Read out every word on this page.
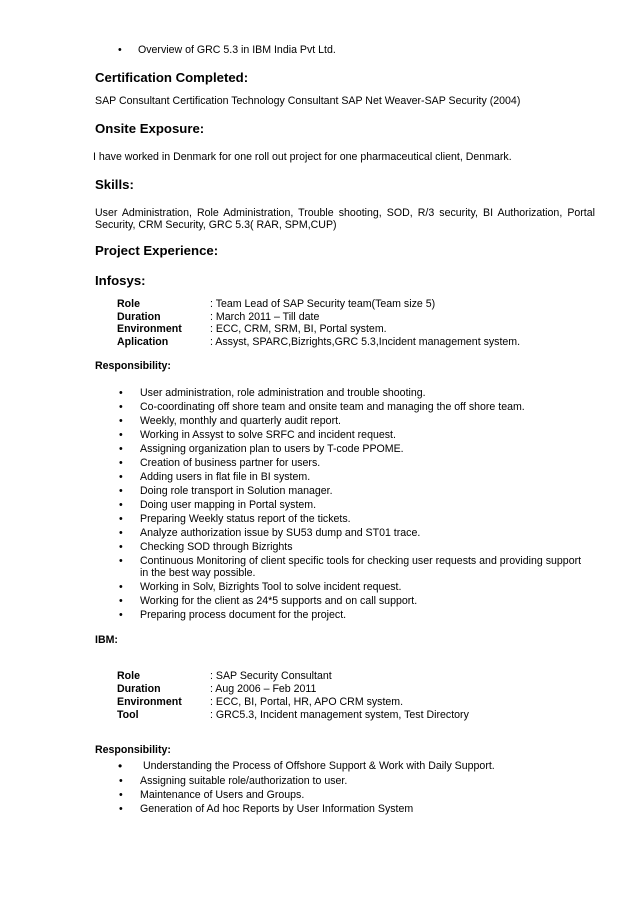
• Overview of GRC 5.3 in IBM India Pvt Ltd.
Certification Completed:
SAP Consultant Certification Technology Consultant SAP Net Weaver-SAP Security (2004)
Onsite Exposure:
I have worked in Denmark for one roll out project for one pharmaceutical client, Denmark.
Skills:
User Administration, Role Administration, Trouble shooting, SOD, R/3 security, BI Authorization, Portal Security, CRM Security, GRC 5.3( RAR, SPM,CUP)
Project Experience:
Infosys:
Role	: Team Lead of SAP Security team(Team size 5)
Duration	: March 2011 – Till date
Environment	: ECC, CRM, SRM, BI, Portal system.
Aplication	: Assyst, SPARC,Bizrights,GRC 5.3,Incident management system.
Responsibility:
• User administration, role administration and trouble shooting.
• Co-coordinating off shore team and onsite team and managing the off shore team.
• Weekly, monthly and quarterly audit report.
• Working in Assyst to solve SRFC and incident request.
• Assigning organization plan to users by T-code PPOME.
• Creation of business partner for users.
• Adding users in flat file in BI system.
• Doing role transport in Solution manager.
• Doing user mapping in Portal system.
• Preparing Weekly status report of the tickets.
• Analyze authorization issue by SU53 dump and ST01 trace.
• Checking SOD through Bizrights
• Continuous Monitoring of client specific tools for checking user requests and providing support in the best way possible.
• Working in Solv, Bizrights Tool to solve incident request.
• Working for the client as 24*5 supports and on call support.
• Preparing process document for the project.
IBM:
Role	: SAP Security Consultant
Duration	: Aug 2006 – Feb 2011
Environment	: ECC, BI, Portal, HR, APO CRM system.
Tool	: GRC5.3, Incident management system, Test Directory
Responsibility:
• Understanding the Process of Offshore Support & Work with Daily Support.
• Assigning suitable role/authorization to user.
• Maintenance of Users and Groups.
• Generation of Ad hoc Reports by User Information System
